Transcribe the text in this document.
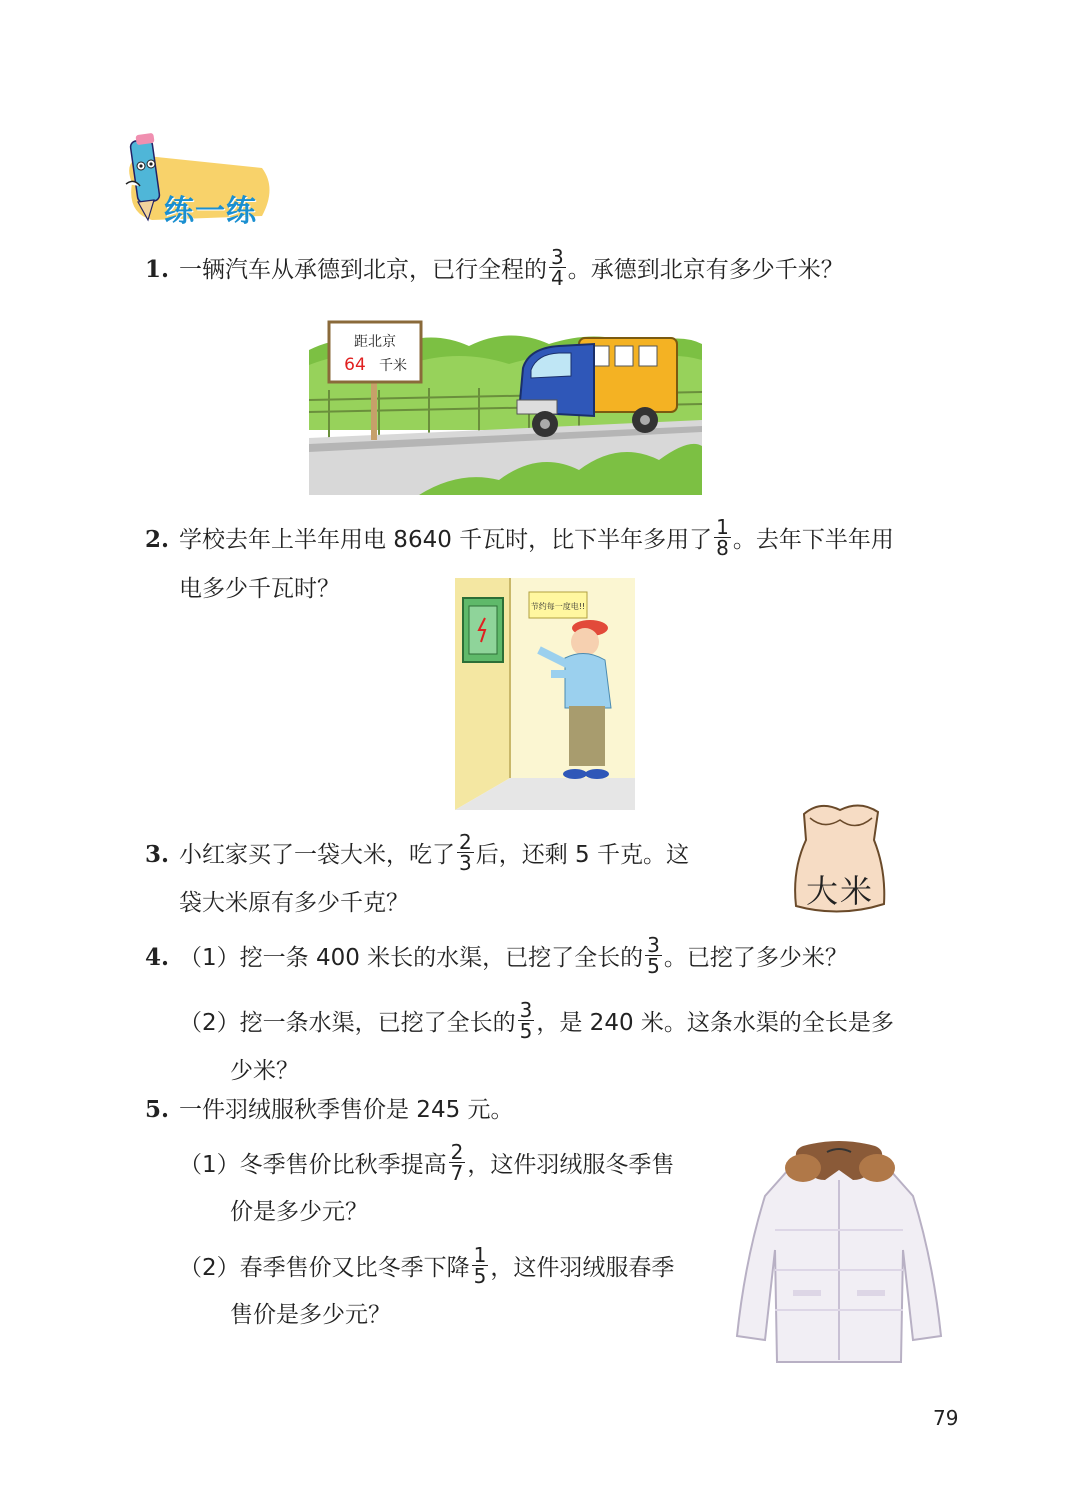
练一练
1. 一辆汽车从承德到北京，已行全程的 $\frac{3}{4}$ 。承德到北京有多少千米？
距北京
64 千米
2. 学校去年上半年用电 8640 千瓦时，比下半年多用了 $\frac{1}{8}$ 。去年下半年用
电多少千瓦时？
节约每一度电!!
3. 小红家买了一袋大米，吃了 $\frac{2}{3}$ 后，还剩 5 千克。这
袋大米原有多少千克？	大米
4. （1）挖一条 400 米长的水渠，已挖了全长的 $\frac{3}{5}$ 。已挖了多少米？
（2）挖一条水渠，已挖了全长的 $\frac{3}{5}$ ，是 240 米。这条水渠的全长是多
少米？
5. 一件羽绒服秋季售价是 245 元。
（1）冬季售价比秋季提高 $\frac{2}{7}$ ，这件羽绒服冬季售
价是多少元？
（2）春季售价又比冬季下降 $\frac{1}{5}$ ，这件羽绒服春季
售价是多少元？
79
